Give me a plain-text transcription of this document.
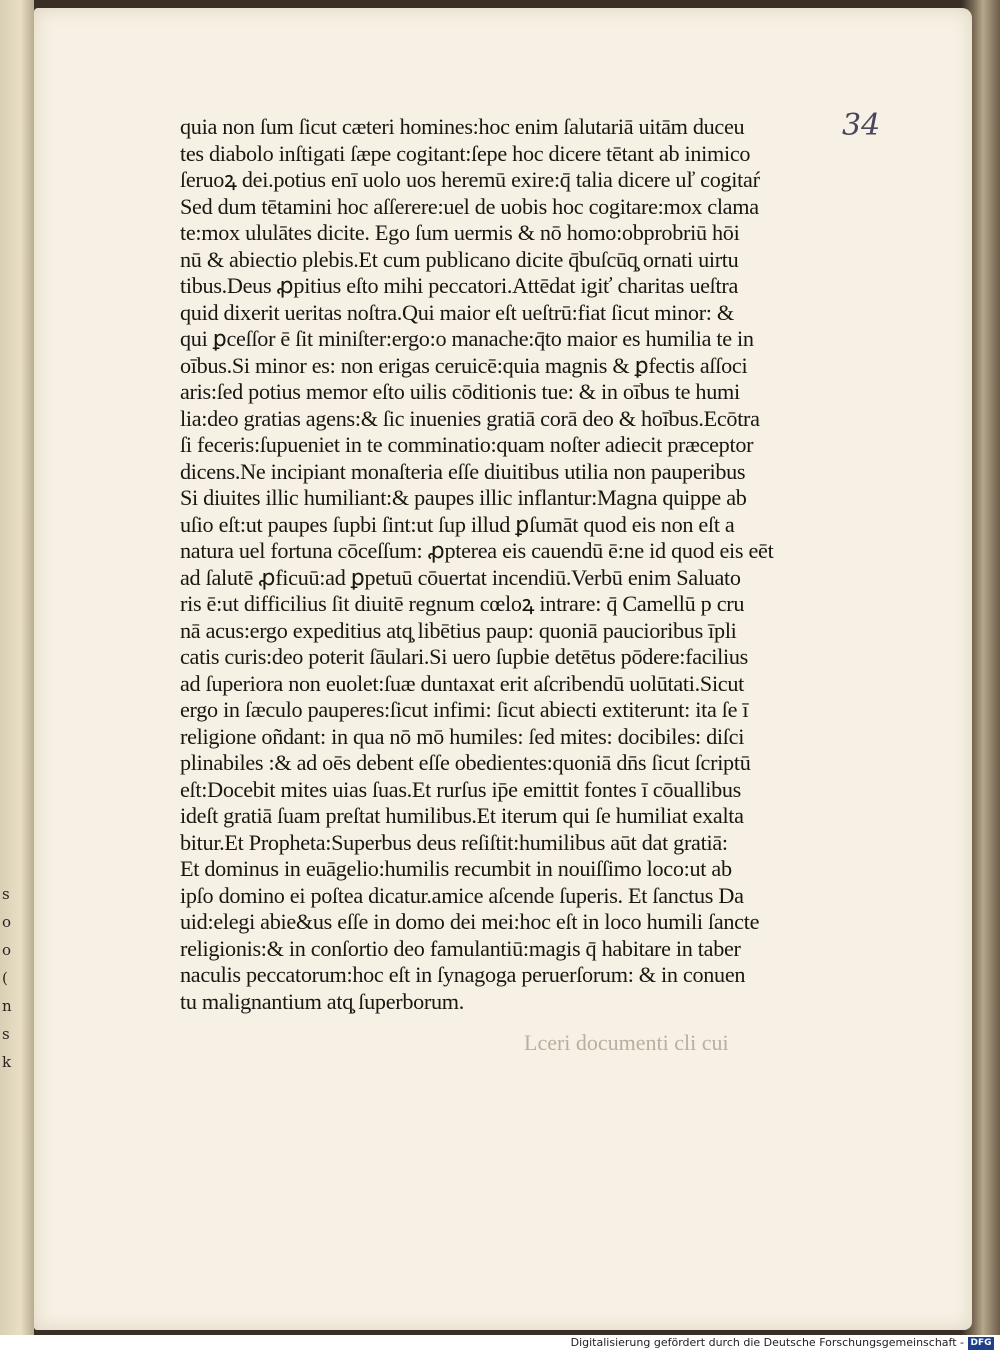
s
o
o
(
n
s
k
34
quia non ſum ſicut cæteri homines:hoc enim ſalutariā uitām duceu
tes diabolo inſtigati ſæpe cogitant:ſepe hoc dicere tētant ab inimico
ſeruoꝝ dei.potius enī uolo uos heremū exire:q̄ talia dicere uľ cogitaŕ
Sed dum tētamini hoc aſſerere:uel de uobis hoc cogitare:mox clama
te:mox ululātes dicite. Ego ſum uermis & nō homo:obprobriū hōi
nū & abiectio plebis.Et cum publicano dicite q̄buſcūq̧ ornati uirtu
tibus.Deus ꝓpitius eſto mihi peccatori.Attēdat igiť charitas ueſtra
quid dixerit ueritas noſtra.Qui maior eſt ueſtrū:fiat ſicut minor: &
qui ꝑceſſor ē ſit miniſter:ergo:o manache:q̄to maior es humilia te in
oībus.Si minor es: non erigas ceruicē:quia magnis & ꝑfectis aſſoci
aris:ſed potius memor eſto uilis cōditionis tue: & in oībus te humi
lia:deo gratias agens:& ſic inuenies gratiā corā deo & hoībus.Ecōtra
ſi feceris:ſupueniet in te comminatio:quam noſter adiecit præceptor
dicens.Ne incipiant monaſteria eſſe diuitibus utilia non pauperibus
Si diuites illic humiliant:& paupes illic inflantur:Magna quippe ab
uſio eſt:ut paupes ſupbi ſint:ut ſup illud ꝑſumāt quod eis non eſt a
natura uel fortuna cōceſſum: ꝓpterea eis cauendū ē:ne id quod eis eēt
ad ſalutē ꝓficuū:ad ꝑpetuū cōuertat incendiū.Verbū enim Saluato
ris ē:ut difficilius ſit diuitē regnum cœloꝝ intrare: q̄ Camellū p cru
nā acus:ergo expeditius atq̧ libētius paup: quoniā paucioribus īpli
catis curis:deo poterit ſāulari.Si uero ſupbie detētus pōdere:facilius
ad ſuperiora non euolet:ſuæ duntaxat erit aſcribendū uolūtati.Sicut
ergo in ſæculo pauperes:ſicut infimi: ſicut abiecti extiterunt: ita ſe ī
religione oñdant: in qua nō mō humiles: ſed mites: docibiles: diſci
plinabiles :& ad oēs debent eſſe obedientes:quoniā dn̄s ſicut ſcriptū
eſt:Docebit mites uias ſuas.Et rurſus ip̄e emittit fontes ī cōuallibus
ideſt gratiā ſuam preſtat humilibus.Et iterum qui ſe humiliat exalta
bitur.Et Propheta:Superbus deus reſiſtit:humilibus aūt dat gratiā:
Et dominus in euāgelio:humilis recumbit in nouiſſimo loco:ut ab
ipſo domino ei poſtea dicatur.amice aſcende ſuperis. Et ſanctus Da
uid:elegi abie&us eſſe in domo dei mei:hoc eſt in loco humili ſancte
religionis:& in conſortio deo famulantiū:magis q̄ habitare in taber
naculis peccatorum:hoc eſt in ſynagoga peruerſorum: & in conuen
tu malignantium atq̧ ſuperborum.
Lceri documenti cli cui
Digitalisierung gefördert durch die Deutsche Forschungsgemeinschaft - DFG
